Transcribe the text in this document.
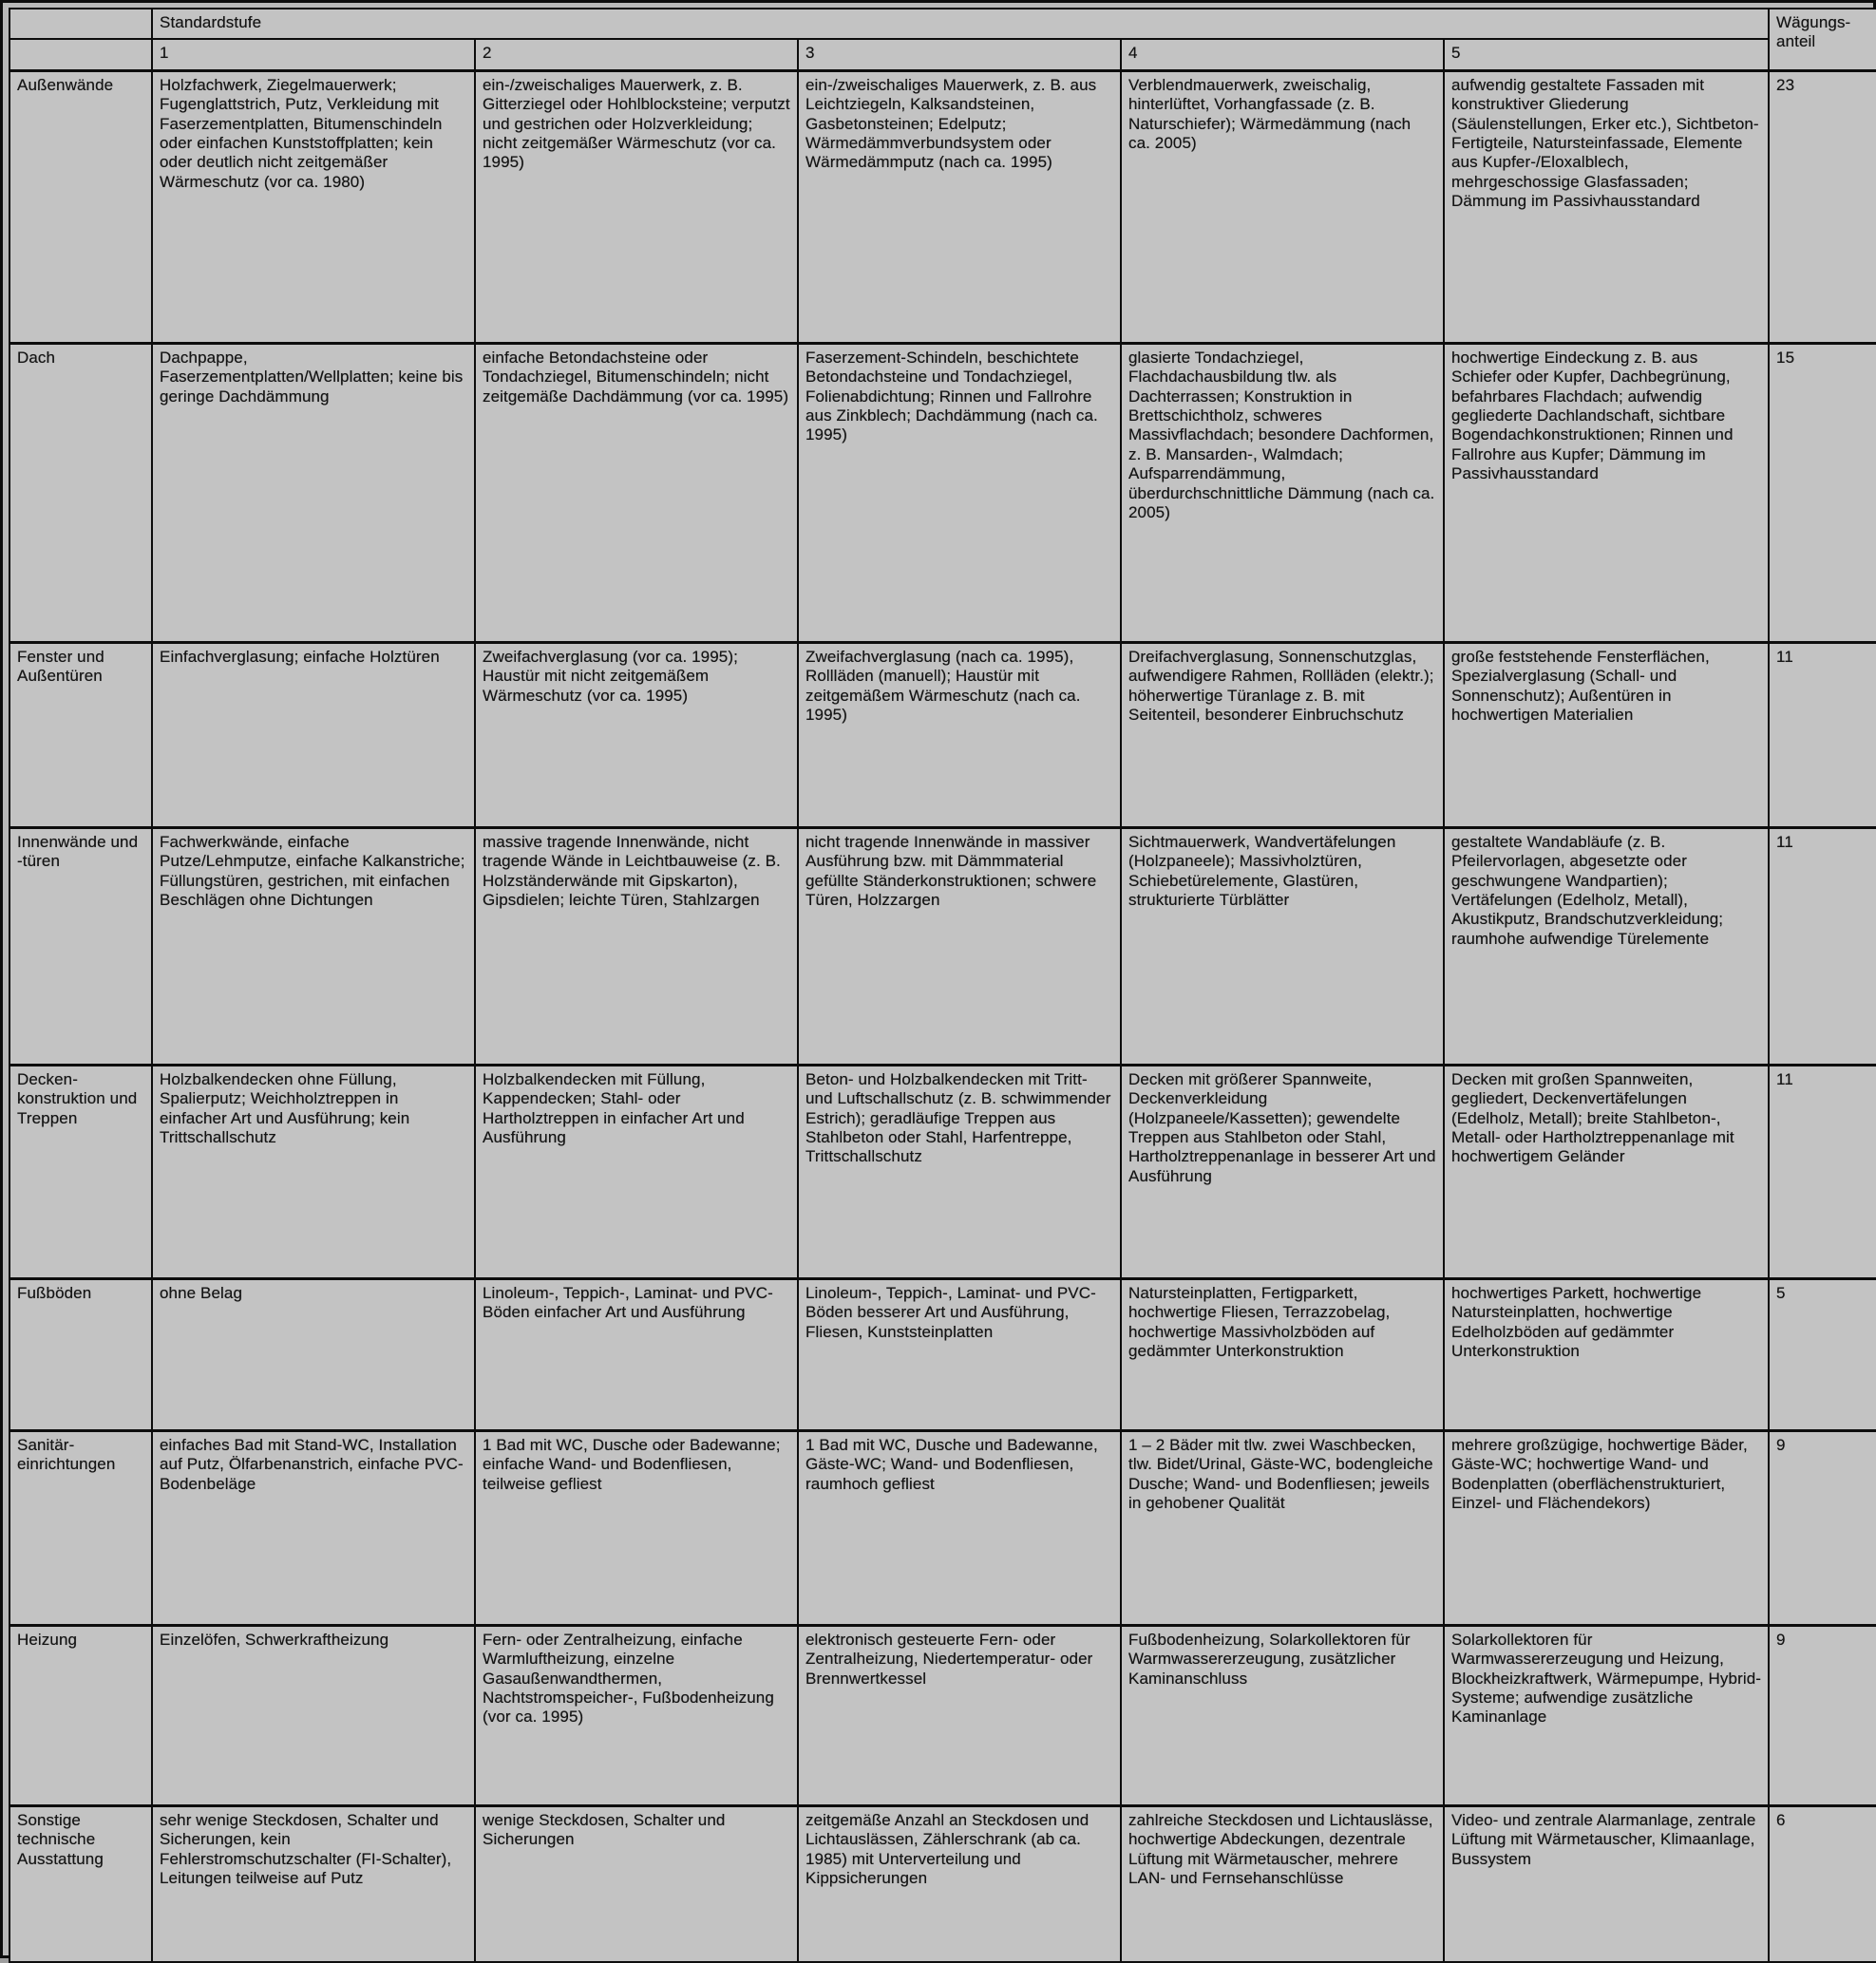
	Standardstufe					Wägungs-anteil
	1	2	3	4	5	
Außenwände	Holzfachwerk, Ziegelmauerwerk; Fugenglattstrich, Putz, Verkleidung mit Faserzementplatten, Bitumenschindeln oder einfachen Kunststoffplatten; kein oder deutlich nicht zeitgemäßer Wärmeschutz (vor ca. 1980)	ein-/zweischaliges Mauerwerk, z. B. Gitterziegel oder Hohlblocksteine; verputzt und gestrichen oder Holzverkleidung; nicht zeitgemäßer Wärmeschutz (vor ca. 1995)	ein-/zweischaliges Mauerwerk, z. B. aus Leichtziegeln, Kalksandsteinen, Gasbetonsteinen; Edelputz; Wärmedämmverbundsystem oder Wärmedämmputz (nach ca. 1995)	Verblendmauerwerk, zweischalig, hinterlüftet, Vorhangfassade (z. B. Naturschiefer); Wärmedämmung (nach ca. 2005)	aufwendig gestaltete Fassaden mit konstruktiver Gliederung (Säulenstellungen, Erker etc.), Sichtbeton-Fertigteile, Natursteinfassade, Elemente aus Kupfer-/Eloxalblech, mehrgeschossige Glasfassaden; Dämmung im Passivhausstandard	23
Dach	Dachpappe, Faserzementplatten/Wellplatten; keine bis geringe Dachdämmung	einfache Betondachsteine oder Tondachziegel, Bitumenschindeln; nicht zeitgemäße Dachdämmung (vor ca. 1995)	Faserzement-Schindeln, beschichtete Betondachsteine und Tondachziegel, Folienabdichtung; Rinnen und Fallrohre aus Zinkblech; Dachdämmung (nach ca. 1995)	glasierte Tondachziegel, Flachdachausbildung tlw. als Dachterrassen; Konstruktion in Brettschichtholz, schweres Massivflachdach; besondere Dachformen, z. B. Mansarden-, Walmdach; Aufsparrendämmung, überdurchschnittliche Dämmung (nach ca. 2005)	hochwertige Eindeckung z. B. aus Schiefer oder Kupfer, Dachbegrünung, befahrbares Flachdach; aufwendig gegliederte Dachlandschaft, sichtbare Bogendachkonstruktionen; Rinnen und Fallrohre aus Kupfer; Dämmung im Passivhausstandard	15
Fenster und Außentüren	Einfachverglasung; einfache Holztüren	Zweifachverglasung (vor ca. 1995); Haustür mit nicht zeitgemäßem Wärmeschutz (vor ca. 1995)	Zweifachverglasung (nach ca. 1995), Rollläden (manuell); Haustür mit zeitgemäßem Wärmeschutz (nach ca. 1995)	Dreifachverglasung, Sonnenschutzglas, aufwendigere Rahmen, Rollläden (elektr.); höherwertige Türanlage z. B. mit Seitenteil, besonderer Einbruchschutz	große feststehende Fensterflächen, Spezialverglasung (Schall- und Sonnenschutz); Außentüren in hochwertigen Materialien	11
Innenwände und -türen	Fachwerkwände, einfache Putze/Lehmputze, einfache Kalkanstriche; Füllungstüren, gestrichen, mit einfachen Beschlägen ohne Dichtungen	massive tragende Innenwände, nicht tragende Wände in Leichtbauweise (z. B. Holzständerwände mit Gipskarton), Gipsdielen; leichte Türen, Stahlzargen	nicht tragende Innenwände in massiver Ausführung bzw. mit Dämmmaterial gefüllte Ständerkonstruktionen; schwere Türen, Holzzargen	Sichtmauerwerk, Wandvertäfelungen (Holzpaneele); Massivholztüren, Schiebetürelemente, Glastüren, strukturierte Türblätter	gestaltete Wandabläufe (z. B. Pfeilervorlagen, abgesetzte oder geschwungene Wandpartien); Vertäfelungen (Edelholz, Metall), Akustikputz, Brandschutzverkleidung; raumhohe aufwendige Türelemente	11
Deckenkonstruktion und Treppen	Holzbalkendecken ohne Füllung, Spalierputz; Weichholztreppen in einfacher Art und Ausführung; kein Trittschallschutz	Holzbalkendecken mit Füllung, Kappendecken; Stahl- oder Hartholztreppen in einfacher Art und Ausführung	Beton- und Holzbalkendecken mit Tritt- und Luftschallschutz (z. B. schwimmender Estrich); geradläufige Treppen aus Stahlbeton oder Stahl, Harfentreppe, Trittschallschutz	Decken mit größerer Spannweite, Deckenverkleidung (Holzpaneele/Kassetten); gewendelte Treppen aus Stahlbeton oder Stahl, Hartholztreppenanlage in besserer Art und Ausführung	Decken mit großen Spannweiten, gegliedert, Deckenvertäfelungen (Edelholz, Metall); breite Stahlbeton-, Metall- oder Hartholztreppenanlage mit hochwertigem Geländer	11
Fußböden	ohne Belag	Linoleum-, Teppich-, Laminat- und PVC-Böden einfacher Art und Ausführung	Linoleum-, Teppich-, Laminat- und PVC-Böden besserer Art und Ausführung, Fliesen, Kunststeinplatten	Natursteinplatten, Fertigparkett, hochwertige Fliesen, Terrazzobelag, hochwertige Massivholzböden auf gedämmter Unterkonstruktion	hochwertiges Parkett, hochwertige Natursteinplatten, hochwertige Edelholzböden auf gedämmter Unterkonstruktion	5
Sanitäreinrichtungen	einfaches Bad mit Stand-WC, Installation auf Putz, Ölfarbenanstrich, einfache PVC-Bodenbeläge	1 Bad mit WC, Dusche oder Badewanne; einfache Wand- und Bodenfliesen, teilweise gefliest	1 Bad mit WC, Dusche und Badewanne, Gäste-WC; Wand- und Bodenfliesen, raumhoch gefliest	1 – 2 Bäder mit tlw. zwei Waschbecken, tlw. Bidet/Urinal, Gäste-WC, bodengleiche Dusche; Wand- und Bodenfliesen; jeweils in gehobener Qualität	mehrere großzügige, hochwertige Bäder, Gäste-WC; hochwertige Wand- und Bodenplatten (oberflächenstrukturiert, Einzel- und Flächendekors)	9
Heizung	Einzelöfen, Schwerkraftheizung	Fern- oder Zentralheizung, einfache Warmluftheizung, einzelne Gasaußenwandthermen, Nachtstromspeicher-, Fußbodenheizung (vor ca. 1995)	elektronisch gesteuerte Fern- oder Zentralheizung, Niedertemperatur- oder Brennwertkessel	Fußbodenheizung, Solarkollektoren für Warmwassererzeugung, zusätzlicher Kaminanschluss	Solarkollektoren für Warmwassererzeugung und Heizung, Blockheizkraftwerk, Wärmepumpe, Hybrid-Systeme; aufwendige zusätzliche Kaminanlage	9
Sonstige technische Ausstattung	sehr wenige Steckdosen, Schalter und Sicherungen, kein Fehlerstromschutzschalter (FI-Schalter), Leitungen teilweise auf Putz	wenige Steckdosen, Schalter und Sicherungen	zeitgemäße Anzahl an Steckdosen und Lichtauslässen, Zählerschrank (ab ca. 1985) mit Unterverteilung und Kippsicherungen	zahlreiche Steckdosen und Lichtauslässe, hochwertige Abdeckungen, dezentrale Lüftung mit Wärmetauscher, mehrere LAN- und Fernsehanschlüsse	Video- und zentrale Alarmanlage, zentrale Lüftung mit Wärmetauscher, Klimaanlage, Bussystem	6
